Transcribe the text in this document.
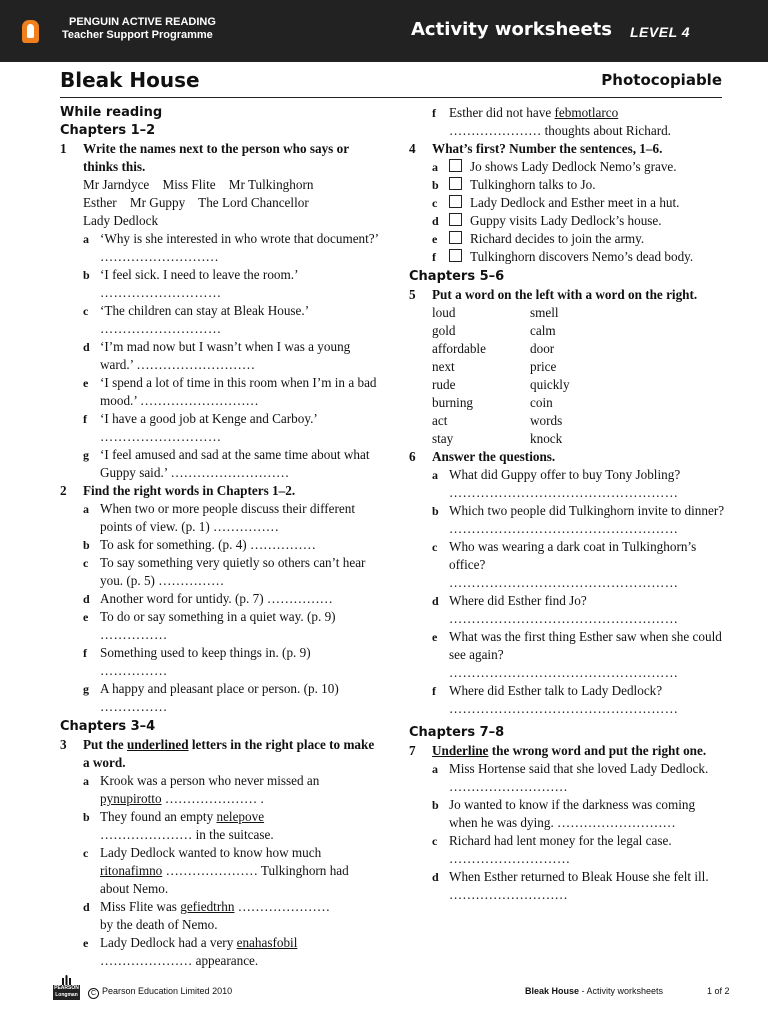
PENGUIN ACTIVE READING
Teacher Support Programme	Activity worksheets LEVEL 4
Bleak House	Photocopiable
While reading
Chapters 1–2
1	Write the names next to the person who says or thinks this.
Mr Jarndyce    Miss Flite    Mr Tulkinghorn
Esther    Mr Guppy    The Lord Chancellor
Lady Dedlock
a ‘Why is she interested in who wrote that document?’ ………………………
b ‘I feel sick. I need to leave the room.’
………………………
c ‘The children can stay at Bleak House.’
………………………
d ‘I’m mad now but I wasn’t when I was a young ward.’ ………………………
e ‘I spend a lot of time in this room when I’m in a bad mood.’ ………………………
f ‘I have a good job at Kenge and Carboy.’
………………………
g ‘I feel amused and sad at the same time about what Guppy said.’ ………………………
2	Find the right words in Chapters 1–2.
a When two or more people discuss their different points of view. (p. 1) ……………
b To ask for something. (p. 4) ……………
c To say something very quietly so others can’t hear you. (p. 5) ……………
d Another word for untidy. (p. 7) ……………
e To do or say something in a quiet way. (p. 9)
……………
f Something used to keep things in. (p. 9)
……………
g A happy and pleasant place or person. (p. 10)
……………
Chapters 3–4
3	Put the underlined letters in the right place to make a word.
a Krook was a person who never missed an
pynupirotto ………………… .
b They found an empty nelepove
………………… in the suitcase.
c Lady Dedlock wanted to know how much
ritonafimno ………………… Tulkinghorn had about Nemo.
d Miss Flite was gefiedtrhn …………………
by the death of Nemo.
e Lady Dedlock had a very enahasfobil
………………… appearance.
f Esther did not have febmotlarco
………………… thoughts about Richard.
4	What’s first? Number the sentences, 1–6.
a	Jo shows Lady Dedlock Nemo’s grave.
b	Tulkinghorn talks to Jo.
c	Lady Dedlock and Esther meet in a hut.
d	Guppy visits Lady Dedlock’s house.
e	Richard decides to join the army.
f	Tulkinghorn discovers Nemo’s dead body.
Chapters 5–6
5	Put a word on the left with a word on the right.
loud	smell
gold	calm
affordable	door
next	price
rude	quickly
burning	coin
act	words
stay	knock
6	Answer the questions.
a What did Guppy offer to buy Tony Jobling?
……………………………………………
b Which two people did Tulkinghorn invite to dinner?
……………………………………………
c Who was wearing a dark coat in Tulkinghorn’s office?
……………………………………………
d Where did Esther find Jo?
……………………………………………
e What was the first thing Esther saw when she could see again?
……………………………………………
f Where did Esther talk to Lady Dedlock?
……………………………………………
Chapters 7–8
7	Underline the wrong word and put the right one.
a Miss Hortense said that she loved Lady Dedlock. ………………………
b Jo wanted to know if the darkness was coming when he was dying. ………………………
c Richard had lent money for the legal case.
………………………
d When Esther returned to Bleak House she felt ill. ………………………
PEARSON Longman	C Pearson Education Limited 2010	Bleak House - Activity worksheets	1 of 2
